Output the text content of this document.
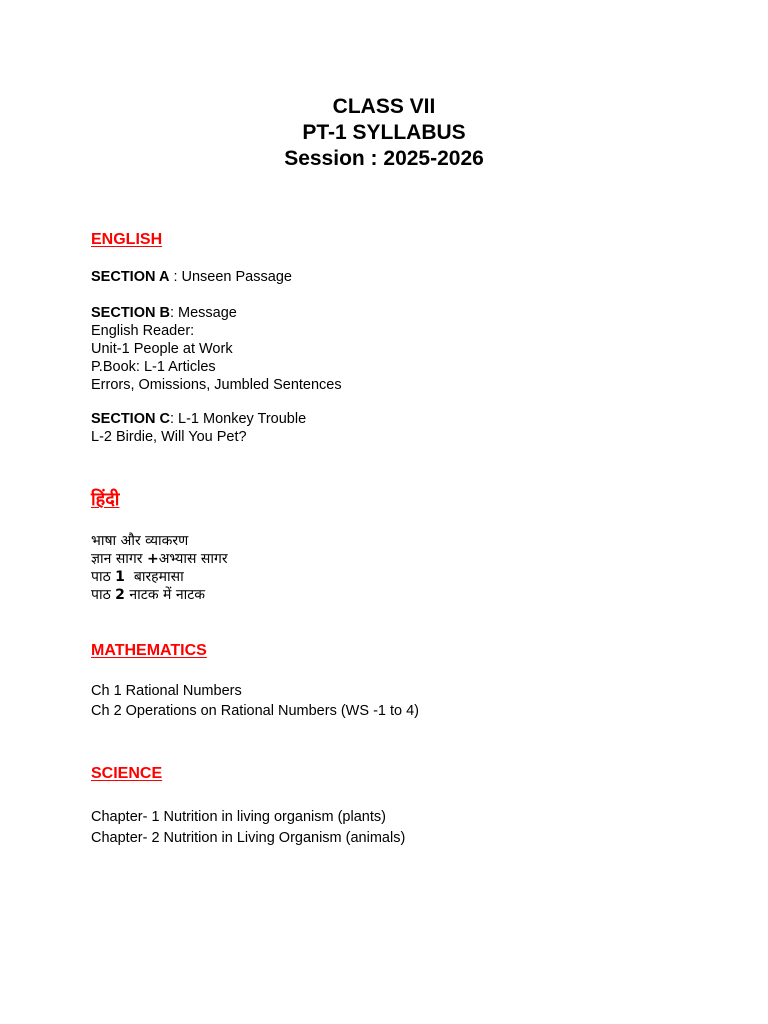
CLASS VII
PT-1 SYLLABUS
Session : 2025-2026
ENGLISH
SECTION A : Unseen Passage
SECTION B: Message
English Reader:
Unit-1 People at Work
P.Book: L-1 Articles
Errors, Omissions, Jumbled Sentences
SECTION C: L-1 Monkey Trouble
L-2 Birdie, Will You Pet?
हिंदी
भाषा और व्याकरण
ज्ञान सागर +अभ्यास सागर
पाठ 1  बारहमासा
पाठ 2 नाटक में नाटक
MATHEMATICS
Ch 1 Rational Numbers
Ch 2 Operations on Rational Numbers (WS -1 to 4)
SCIENCE
Chapter- 1 Nutrition in living organism (plants)
Chapter- 2 Nutrition in Living Organism (animals)
